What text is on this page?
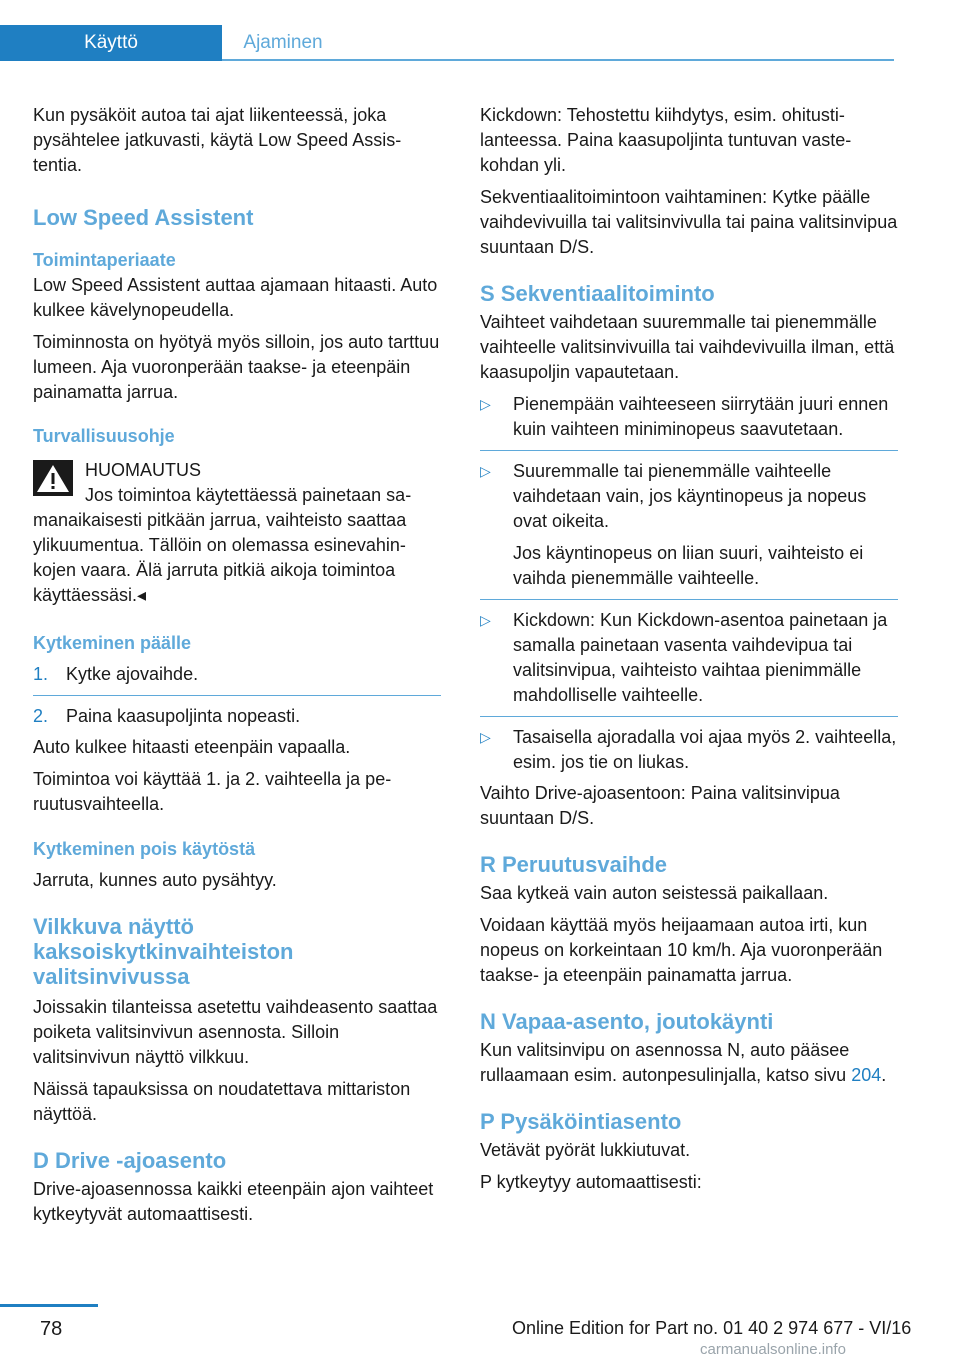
Käyttö	Ajaminen

Kun pysäköit autoa tai ajat liikenteessä, joka pysähtelee jatkuvasti, käytä Low Speed Assistentia.

Low Speed Assistent
Toimintaperiaate

Low Speed Assistent auttaa ajamaan hitaasti. Auto kulkee kävelynopeudella.

Toiminnosta on hyötyä myös silloin, jos auto tarttuu lumeen. Aja vuoronperään taakse- ja eteenpäin painamatta jarrua.

Turvallisuusohje

HUOMAUTUS

Jos toimintoa käytettäessä painetaan samanaikaisesti pitkään jarrua, vaihteisto saattaa ylikuumentua. Tällöin on olemassa esinevahinkojen vaara. Älä jarruta pitkiä aikoja toimintoa käyttäessäsi.◂

Kytkeminen päälle
1. Kytke ajovaihde.
2. Paina kaasupoljinta nopeasti.

Auto kulkee hitaasti eteenpäin vapaalla.

Toimintoa voi käyttää 1. ja 2. vaihteella ja peruutusvaihteella.

Kytkeminen pois käytöstä

Jarruta, kunnes auto pysähtyy.

Vilkkuva näyttö kaksoiskytkinvaihteiston valitsinvivussa

Joissakin tilanteissa asetettu vaihdeasento saattaa poiketa valitsinvivun asennosta. Silloin valitsinvivun näyttö vilkkuu.

Näissä tapauksissa on noudatettava mittariston näyttöä.

D Drive -ajoasento

Drive-ajoasennossa kaikki eteenpäin ajon vaihteet kytkeytyvät automaattisesti.

Kickdown: Tehostettu kiihdytys, esim. ohitustilanteessa. Paina kaasupoljinta tuntuvan vastekohdan yli.

Sekventiaalitoimintoon vaihtaminen: Kytke päälle vaihdevivuilla tai valitsinvivulla tai paina valitsinvipua suuntaan D/S.

S Sekventiaalitoiminto

Vaihteet vaihdetaan suuremmalle tai pienemmälle vaihteelle valitsinvivuilla tai vaihdevivuilla ilman, että kaasupoljin vapautetaan.

▷ Pienempään vaihteeseen siirrytään juuri ennen kuin vaihteen miniminopeus saavutetaan.
▷ Suuremmalle tai pienemmälle vaihteelle vaihdetaan vain, jos käyntinopeus ja nopeus ovat oikeita.
Jos käyntinopeus on liian suuri, vaihteisto ei vaihda pienemmälle vaihteelle.
▷ Kickdown: Kun Kickdown-asentoa painetaan ja samalla painetaan vasenta vaihdevipua tai valitsinvipua, vaihteisto vaihtaa pienimmälle mahdolliselle vaihteelle.
▷ Tasaisella ajoradalla voi ajaa myös 2. vaihteella, esim. jos tie on liukas.

Vaihto Drive-ajoasentoon: Paina valitsinvipua suuntaan D/S.

R Peruutusvaihde

Saa kytkeä vain auton seistessä paikallaan.

Voidaan käyttää myös heijaamaan autoa irti, kun nopeus on korkeintaan 10 km/h. Aja vuoronperään taakse- ja eteenpäin painamatta jarrua.

N Vapaa-asento, joutokäynti

Kun valitsinvipu on asennossa N, auto pääsee rullaamaan esim. autonpesulinjalla, katso sivu 204.

P Pysäköintiasento

Vetävät pyörät lukkiutuvat.

P kytkeytyy automaattisesti:

78	Online Edition for Part no. 01 40 2 974 677 - VI/16
carmanualsonline.info
